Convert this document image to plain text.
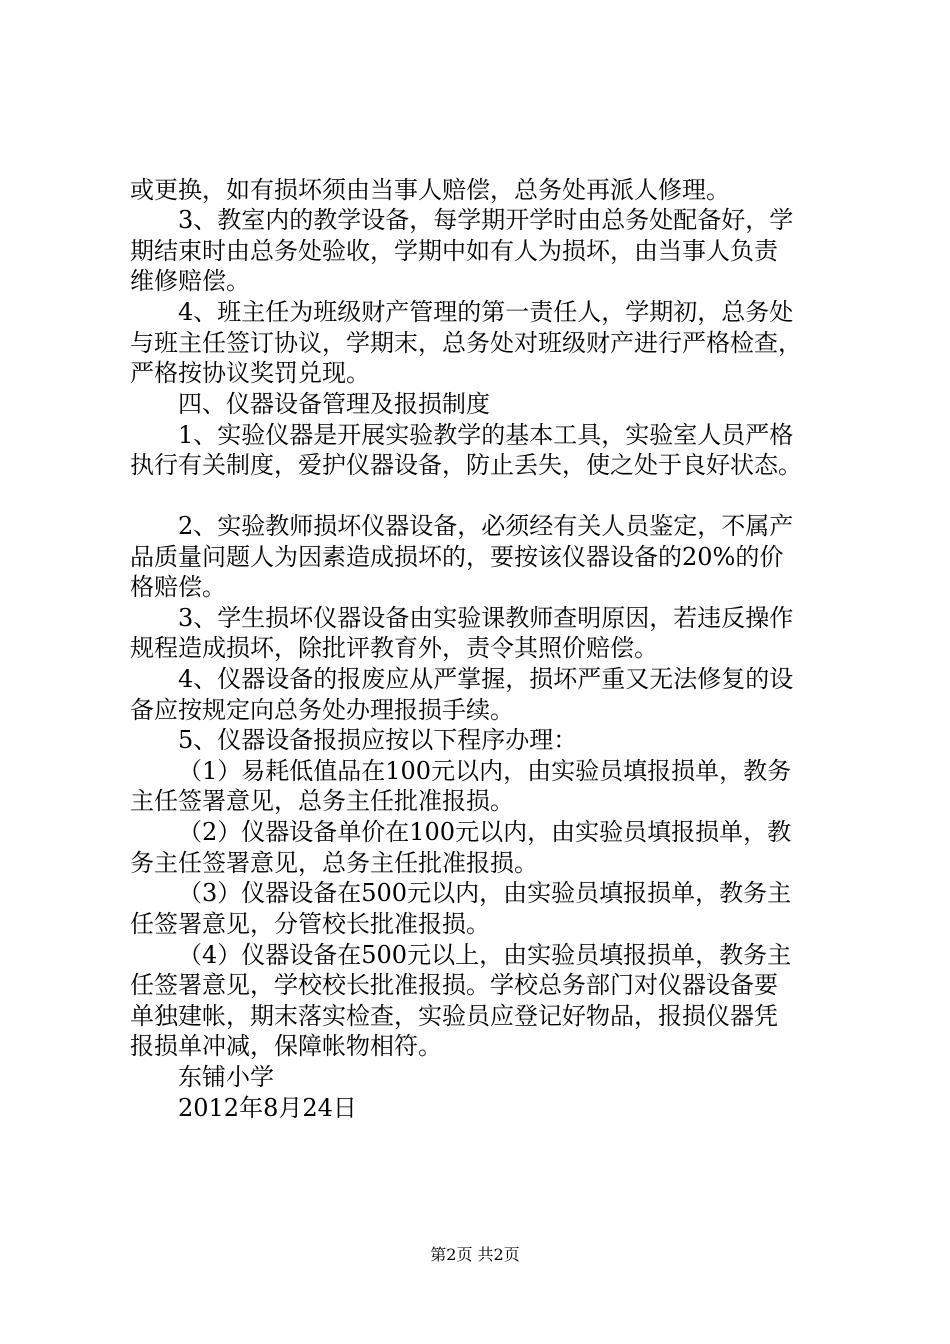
或更换，如有损坏须由当事人赔偿，总务处再派人修理。
3、教室内的教学设备，每学期开学时由总务处配备好，学
期结束时由总务处验收，学期中如有人为损坏，由当事人负责
维修赔偿。
4、班主任为班级财产管理的第一责任人，学期初，总务处
与班主任签订协议，学期末，总务处对班级财产进行严格检查，
严格按协议奖罚兑现。
四、仪器设备管理及报损制度
1、实验仪器是开展实验教学的基本工具，实验室人员严格
执行有关制度，爱护仪器设备，防止丢失，使之处于良好状态。
2、实验教师损坏仪器设备，必须经有关人员鉴定，不属产
品质量问题人为因素造成损坏的，要按该仪器设备的20%的价
格赔偿。
3、学生损坏仪器设备由实验课教师查明原因，若违反操作
规程造成损坏，除批评教育外，责令其照价赔偿。
4、仪器设备的报废应从严掌握，损坏严重又无法修复的设
备应按规定向总务处办理报损手续。
5、仪器设备报损应按以下程序办理：
（1）易耗低值品在100元以内，由实验员填报损单，教务
主任签署意见，总务主任批准报损。
（2）仪器设备单价在100元以内，由实验员填报损单，教
务主任签署意见，总务主任批准报损。
（3）仪器设备在500元以内，由实验员填报损单，教务主
任签署意见，分管校长批准报损。
（4）仪器设备在500元以上，由实验员填报损单，教务主
任签署意见，学校校长批准报损。学校总务部门对仪器设备要
单独建帐，期末落实检查，实验员应登记好物品，报损仪器凭
报损单冲减，保障帐物相符。
东铺小学
2012年8月24日
第2页 共2页
